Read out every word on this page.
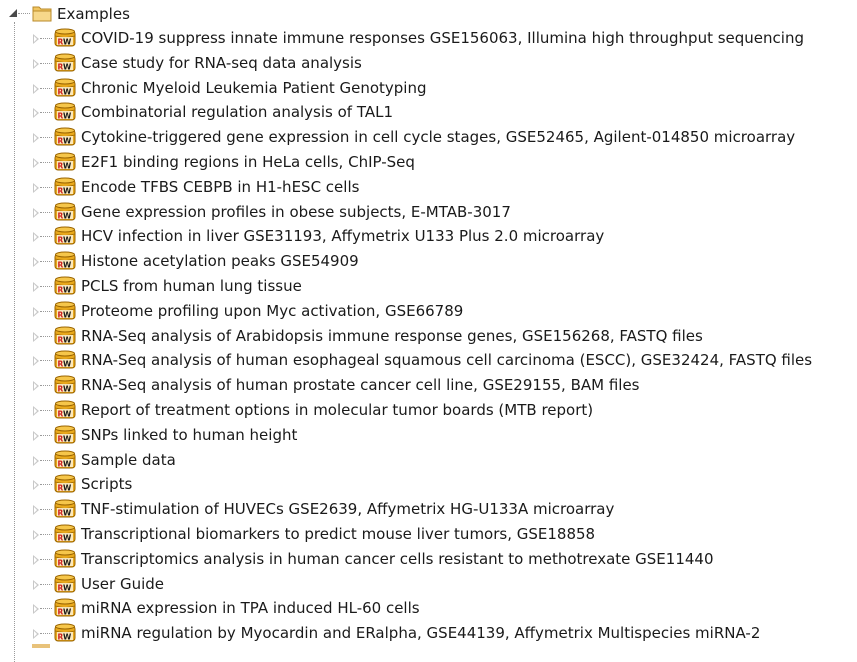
Examples
R W COVID-19 suppress innate immune responses GSE156063, Illumina high throughput sequencing
R W Case study for RNA-seq data analysis
R W Chronic Myeloid Leukemia Patient Genotyping
R W Combinatorial regulation analysis of TAL1
R W Cytokine-triggered gene expression in cell cycle stages, GSE52465, Agilent-014850 microarray
R W E2F1 binding regions in HeLa cells, ChIP-Seq
R W Encode TFBS CEBPB in H1-hESC cells
R W Gene expression profiles in obese subjects, E-MTAB-3017
R W HCV infection in liver GSE31193, Affymetrix U133 Plus 2.0 microarray
R W Histone acetylation peaks GSE54909
R W PCLS from human lung tissue
R W Proteome profiling upon Myc activation, GSE66789
R W RNA-Seq analysis of Arabidopsis immune response genes, GSE156268, FASTQ files
R W RNA-Seq analysis of human esophageal squamous cell carcinoma (ESCC), GSE32424, FASTQ files
R W RNA-Seq analysis of human prostate cancer cell line, GSE29155, BAM files
R W Report of treatment options in molecular tumor boards (MTB report)
R W SNPs linked to human height
R W Sample data
R W Scripts
R W TNF-stimulation of HUVECs GSE2639, Affymetrix HG-U133A microarray
R W Transcriptional biomarkers to predict mouse liver tumors, GSE18858
R W Transcriptomics analysis in human cancer cells resistant to methotrexate GSE11440
R W User Guide
R W miRNA expression in TPA induced HL-60 cells
R W miRNA regulation by Myocardin and ERalpha, GSE44139, Affymetrix Multispecies miRNA-2
